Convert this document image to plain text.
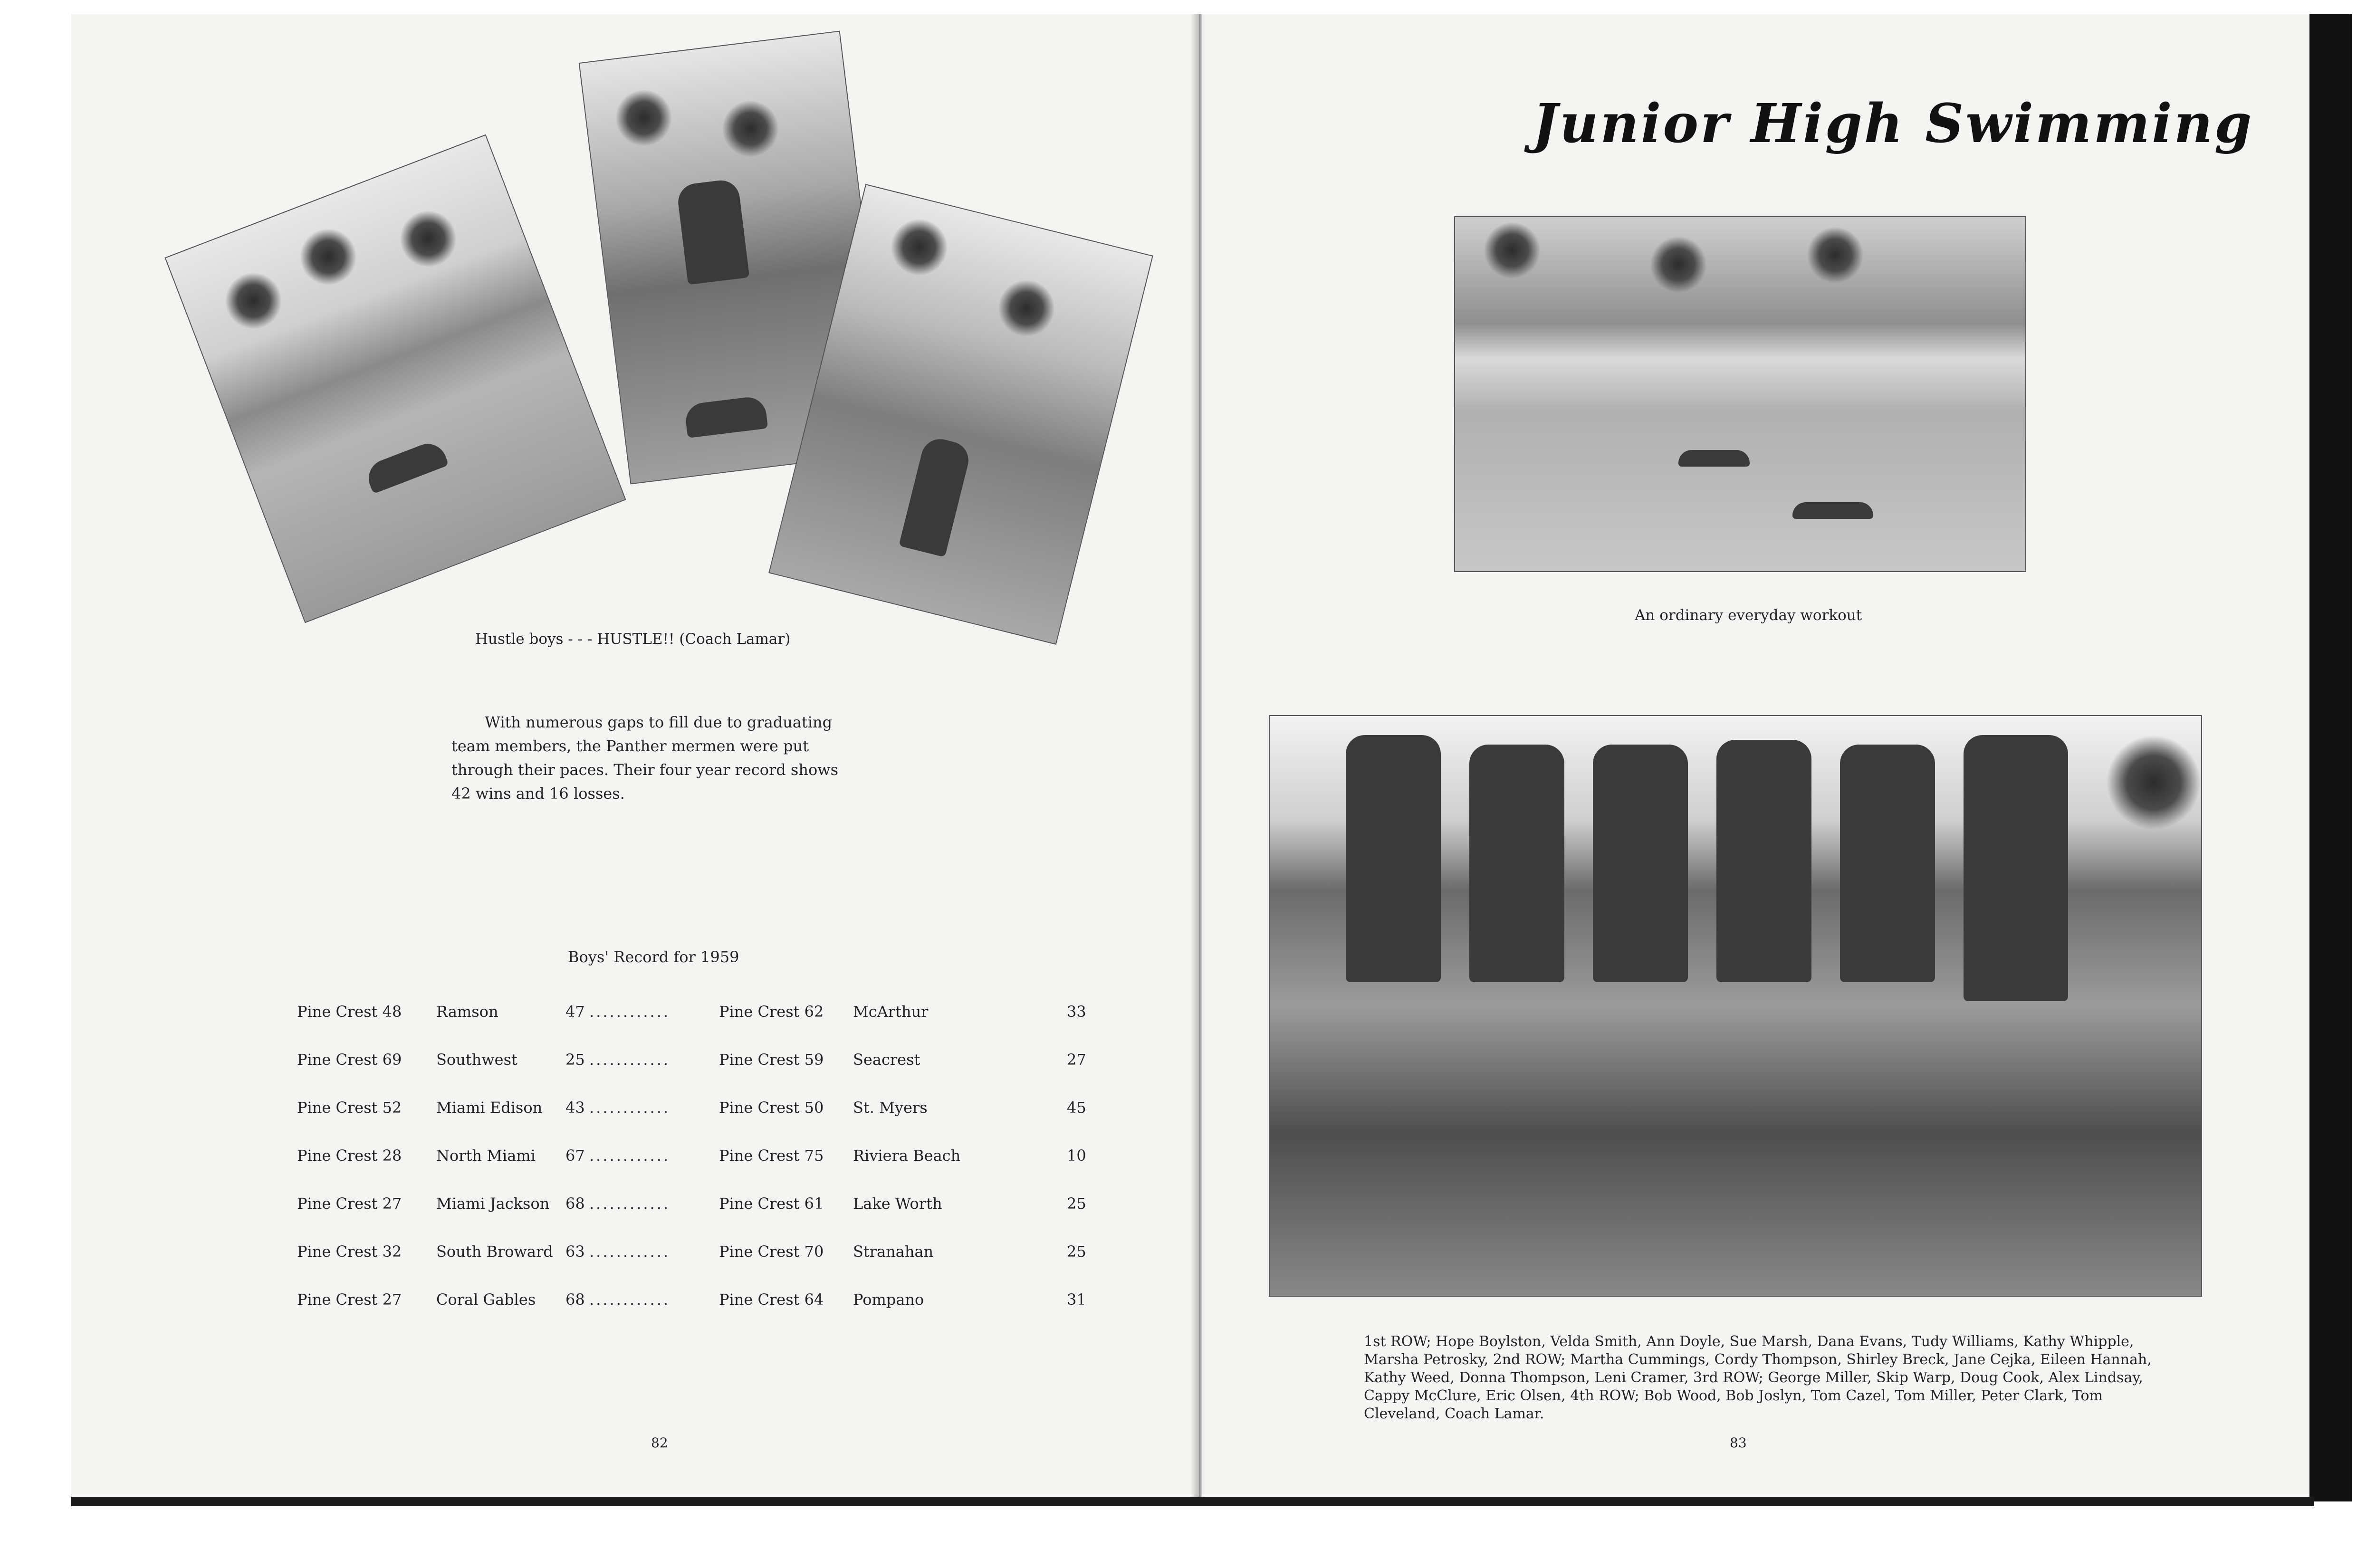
Hustle boys - - - HUSTLE!! (Coach Lamar)
With numerous gaps to fill due to graduating
team members, the Panther mermen were put
through their paces. Their four year record shows
42 wins and 16 losses.
Boys' Record for 1959
Pine Crest 48 Ramson	47 ............	Pine Crest 62 McArthur	33
Pine Crest 69 Southwest	25 ............	Pine Crest 59 Seacrest	27
Pine Crest 52 Miami Edison 43 ............	Pine Crest 50 St. Myers	45
Pine Crest 28 North Miami 67 ............	Pine Crest 75 Riviera Beach	10
Pine Crest 27 Miami Jackson 68 ............	Pine Crest 61 Lake Worth	25
Pine Crest 32 South Broward 63 ............	Pine Crest 70 Stranahan	25
Pine Crest 27 Coral Gables 68 ............	Pine Crest 64 Pompano	31
82
Junior High Swimming
An ordinary everyday workout
1st ROW; Hope Boylston, Velda Smith, Ann Doyle, Sue Marsh, Dana Evans, Tudy Williams, Kathy Whipple,
Marsha Petrosky, 2nd ROW; Martha Cummings, Cordy Thompson, Shirley Breck, Jane Cejka, Eileen Hannah,
Kathy Weed, Donna Thompson, Leni Cramer, 3rd ROW; George Miller, Skip Warp, Doug Cook, Alex Lindsay,
Cappy McClure, Eric Olsen, 4th ROW; Bob Wood, Bob Joslyn, Tom Cazel, Tom Miller, Peter Clark, Tom
Cleveland, Coach Lamar.
83
